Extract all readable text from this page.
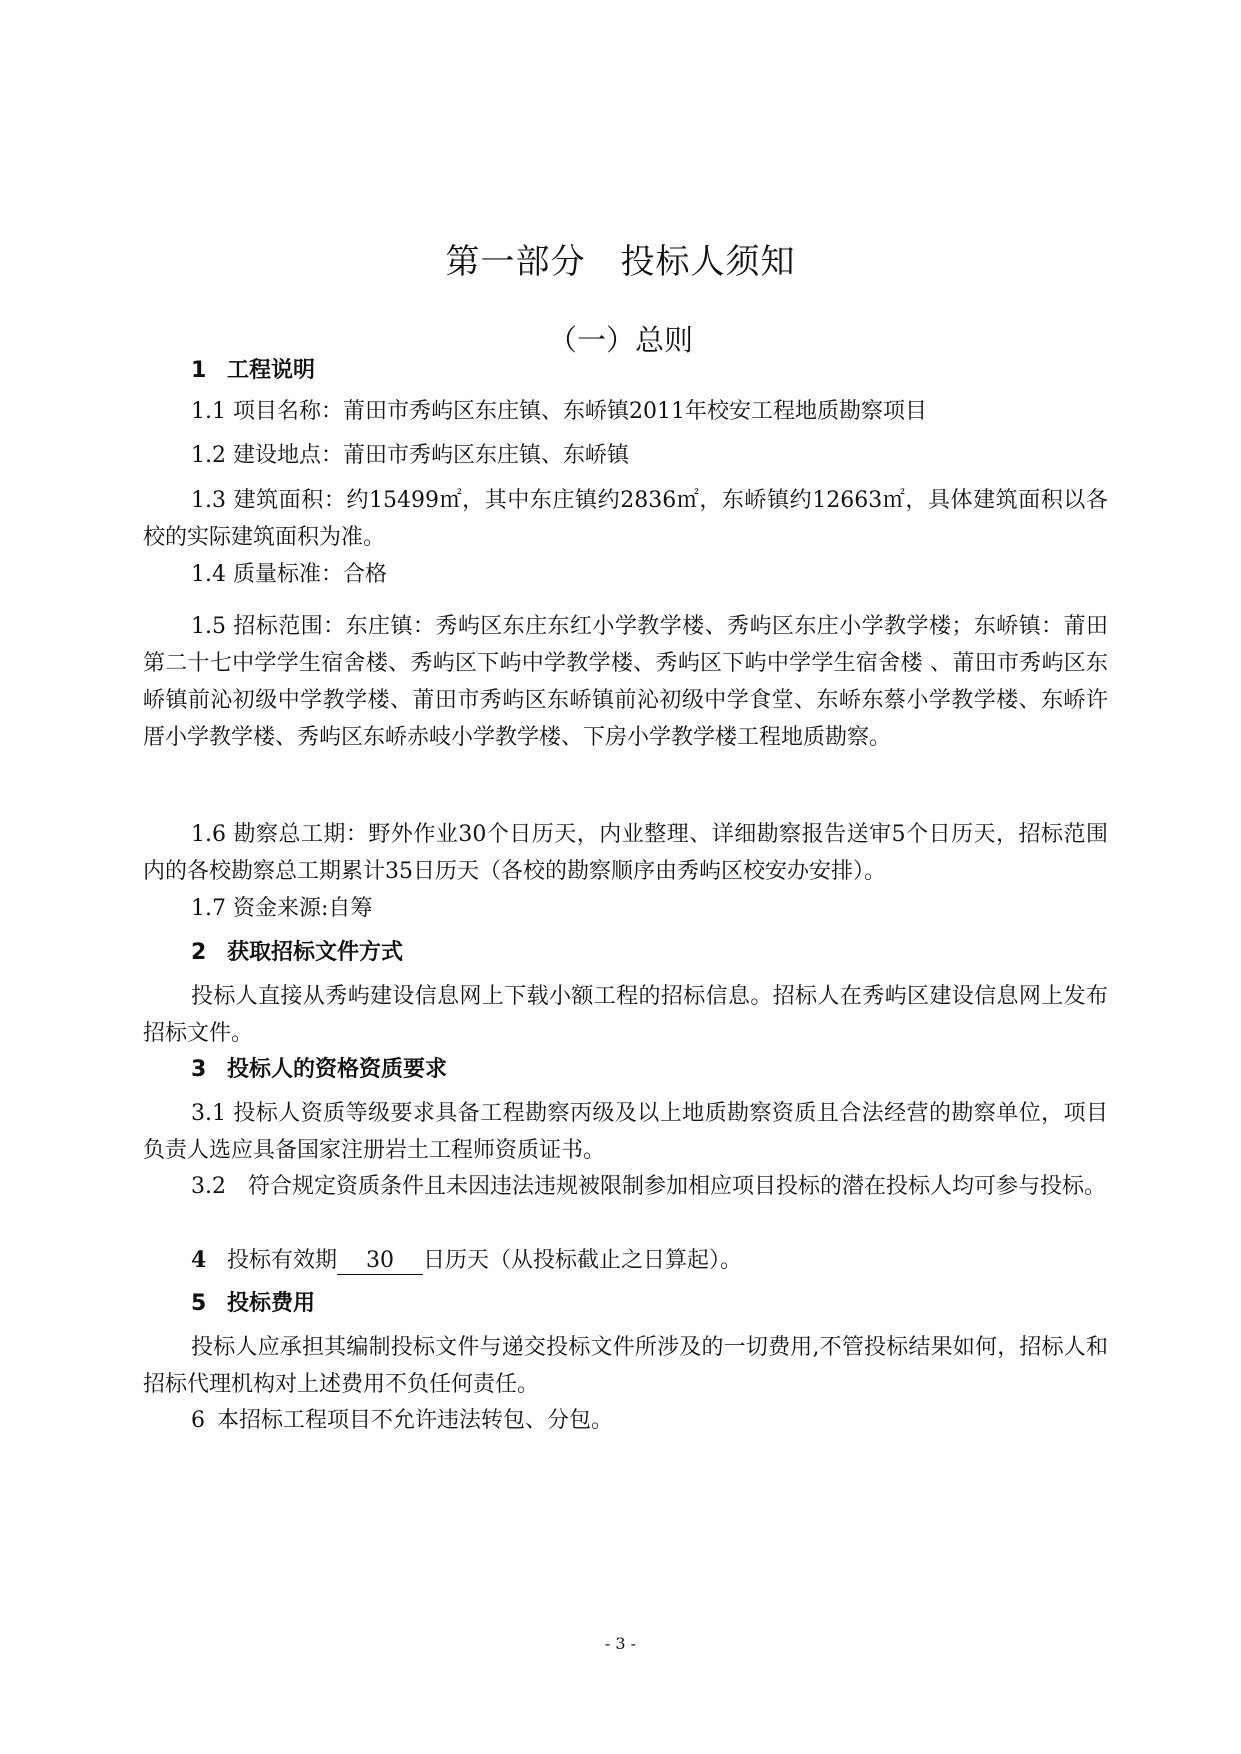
第一部分　投标人须知
（一）总则

1 工程说明

1.1 项目名称：莆田市秀屿区东庄镇、东峤镇2011年校安工程地质勘察项目

1.2 建设地点：莆田市秀屿区东庄镇、东峤镇

1.3 建筑面积：约15499㎡，其中东庄镇约2836㎡，东峤镇约12663㎡，具体建筑面积以各校的实际建筑面积为准。

1.4 质量标准：合格

1.5 招标范围：东庄镇：秀屿区东庄东红小学教学楼、秀屿区东庄小学教学楼；东峤镇：莆田第二十七中学学生宿舍楼、秀屿区下屿中学教学楼、秀屿区下屿中学学生宿舍楼 、莆田市秀屿区东峤镇前沁初级中学教学楼、莆田市秀屿区东峤镇前沁初级中学食堂、东峤东蔡小学教学楼、东峤许厝小学教学楼、秀屿区东峤赤岐小学教学楼、下房小学教学楼工程地质勘察。

1.6 勘察总工期：野外作业30个日历天，内业整理、详细勘察报告送审5个日历天，招标范围内的各校勘察总工期累计35日历天（各校的勘察顺序由秀屿区校安办安排）。

1.7 资金来源:自筹

2 获取招标文件方式

投标人直接从秀屿建设信息网上下载小额工程的招标信息。招标人在秀屿区建设信息网上发布招标文件。

3 投标人的资格资质要求

3.1 投标人资质等级要求具备工程勘察丙级及以上地质勘察资质且合法经营的勘察单位，项目负责人选应具备国家注册岩土工程师资质证书。

3.2　符合规定资质条件且未因违法违规被限制参加相应项目投标的潜在投标人均可参与投标。

4 投标有效期 30 日历天（从投标截止之日算起）。

5 投标费用

投标人应承担其编制投标文件与递交投标文件所涉及的一切费用,不管投标结果如何，招标人和招标代理机构对上述费用不负任何责任。

6 本招标工程项目不允许违法转包、分包。

- 3 -
